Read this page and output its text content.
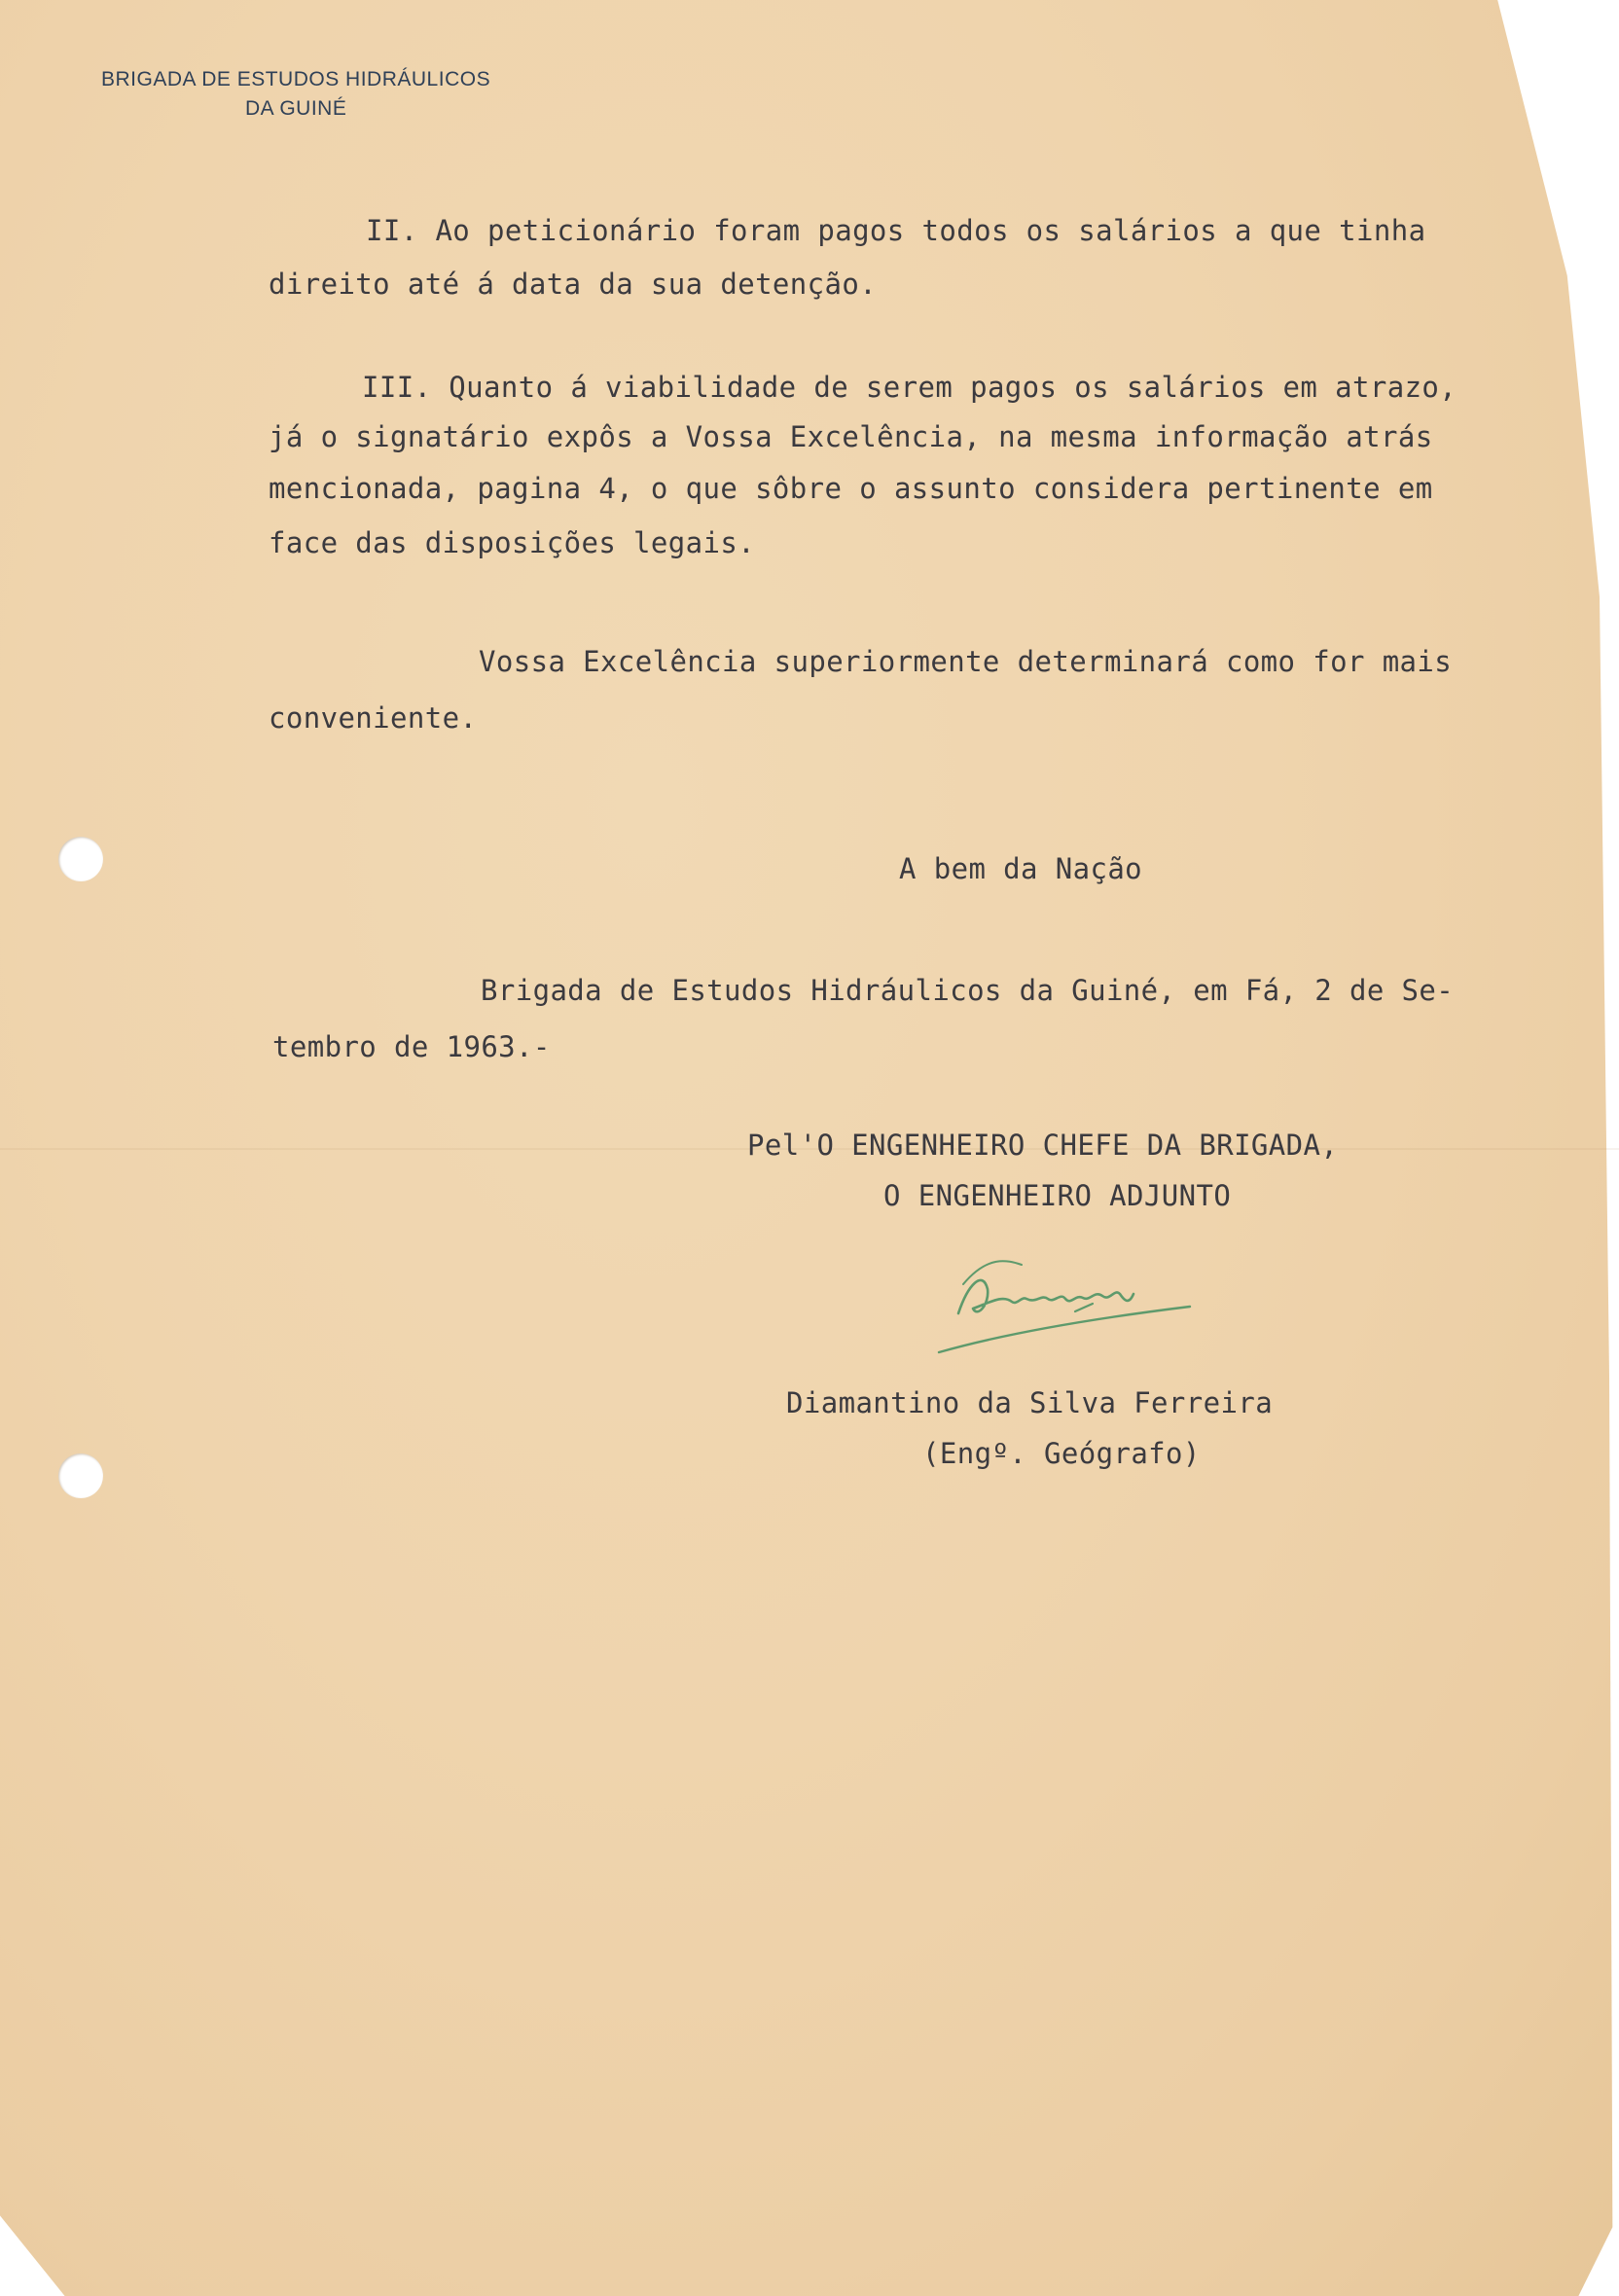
BRIGADA DE ESTUDOS HIDRÁULICOS
DA GUINÉ
II. Ao peticionário foram pagos todos os salários a que tinha
direito até á data da sua detenção.
III. Quanto á viabilidade de serem pagos os salários em atrazo,
já o signatário expôs a Vossa Excelência, na mesma informação atrás
mencionada, pagina 4, o que sôbre o assunto considera pertinente em
face das disposições legais.
Vossa Excelência superiormente determinará como for mais
conveniente.
A bem da Nação
Brigada de Estudos Hidráulicos da Guiné, em Fá, 2 de Se-
tembro de 1963.-
Pel'O ENGENHEIRO CHEFE DA BRIGADA,
O ENGENHEIRO ADJUNTO
Diamantino da Silva Ferreira
(Engº. Geógrafo)
